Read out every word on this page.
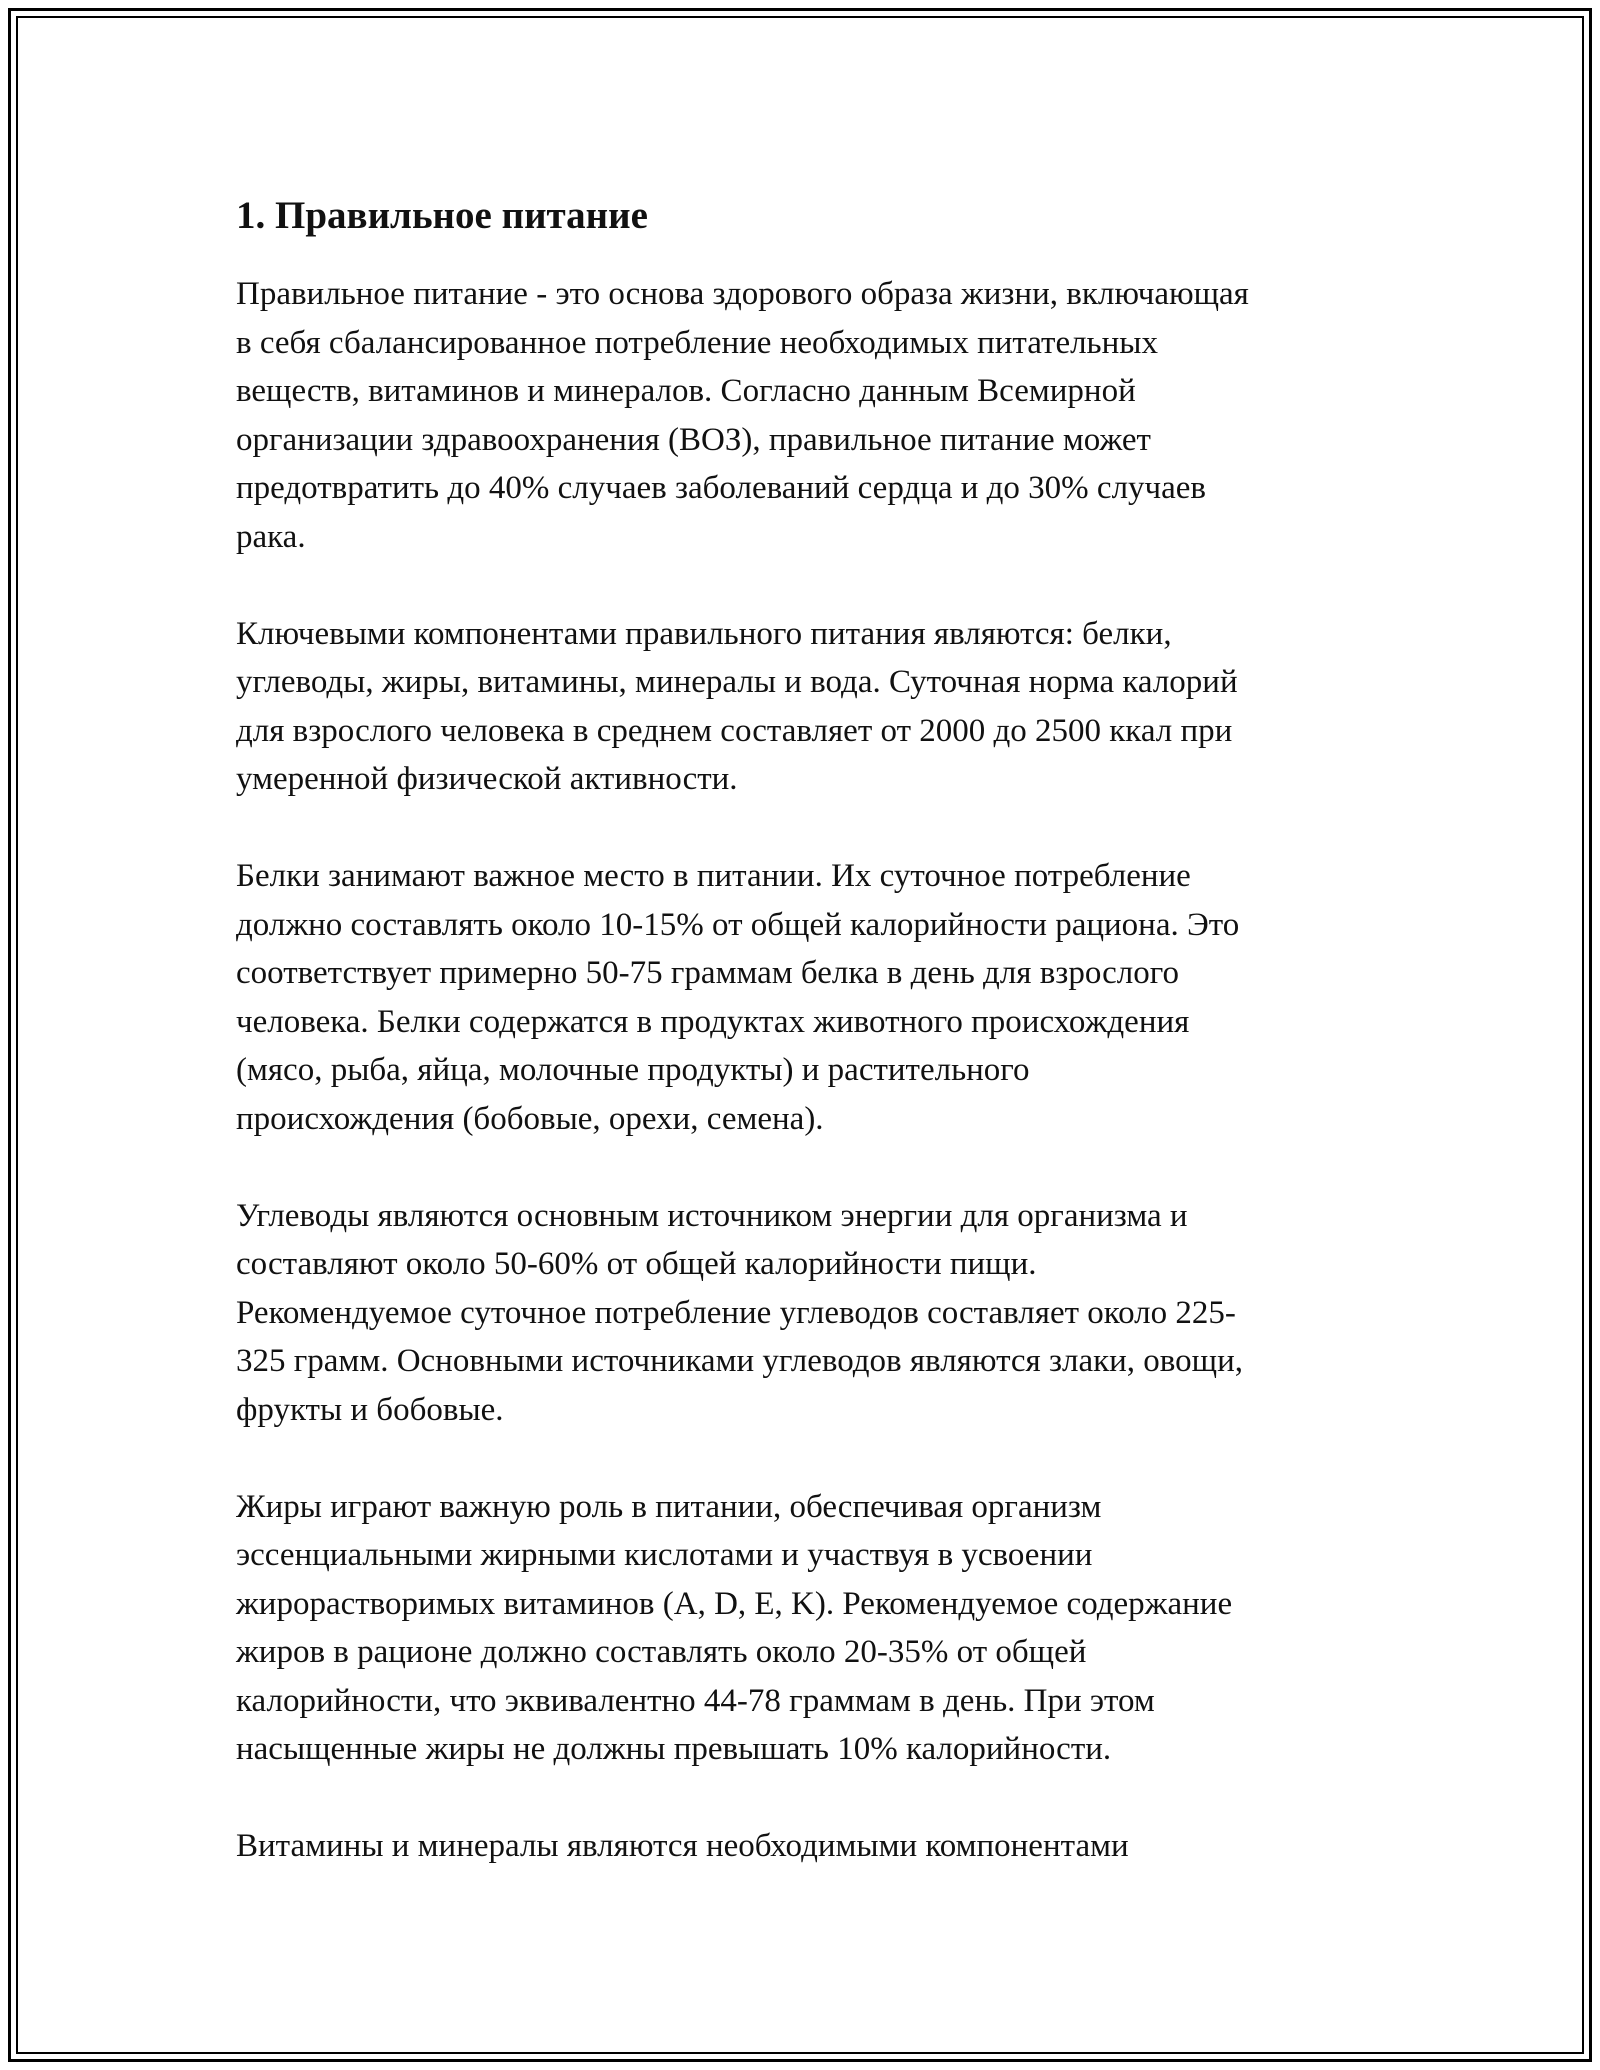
1. Правильное питание

Правильное питание - это основа здорового образа жизни, включающая
в себя сбалансированное потребление необходимых питательных
веществ, витаминов и минералов. Согласно данным Всемирной
организации здравоохранения (ВОЗ), правильное питание может
предотвратить до 40% случаев заболеваний сердца и до 30% случаев
рака.

Ключевыми компонентами правильного питания являются: белки,
углеводы, жиры, витамины, минералы и вода. Суточная норма калорий
для взрослого человека в среднем составляет от 2000 до 2500 ккал при
умеренной физической активности.

Белки занимают важное место в питании. Их суточное потребление
должно составлять около 10-15% от общей калорийности рациона. Это
соответствует примерно 50-75 граммам белка в день для взрослого
человека. Белки содержатся в продуктах животного происхождения
(мясо, рыба, яйца, молочные продукты) и растительного
происхождения (бобовые, орехи, семена).

Углеводы являются основным источником энергии для организма и
составляют около 50-60% от общей калорийности пищи.
Рекомендуемое суточное потребление углеводов составляет около 225-
325 грамм. Основными источниками углеводов являются злаки, овощи,
фрукты и бобовые.

Жиры играют важную роль в питании, обеспечивая организм
эссенциальными жирными кислотами и участвуя в усвоении
жирорастворимых витаминов (A, D, E, K). Рекомендуемое содержание
жиров в рационе должно составлять около 20-35% от общей
калорийности, что эквивалентно 44-78 граммам в день. При этом
насыщенные жиры не должны превышать 10% калорийности.

Витамины и минералы являются необходимыми компонентами
